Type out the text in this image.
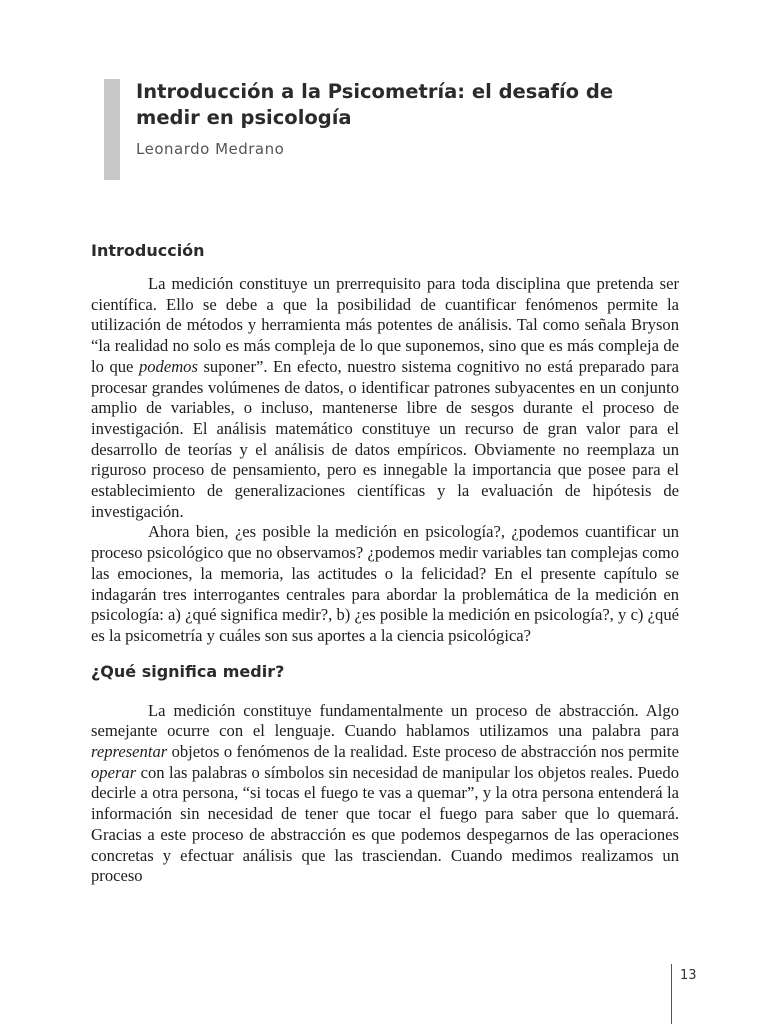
Introducción a la Psicometría: el desafío de
medir en psicología
Leonardo Medrano
Introducción

La medición constituye un prerrequisito para toda disciplina que pretenda ser científica. Ello se debe a que la posibilidad de cuantificar fenómenos permite la utilización de métodos y herramienta más potentes de análisis. Tal como señala Bryson “la realidad no solo es más compleja de lo que suponemos, sino que es más compleja de lo que podemos suponer”. En efecto, nuestro sistema cognitivo no está preparado para procesar grandes volúmenes de datos, o identificar patrones subyacentes en un conjunto amplio de variables, o incluso, mantenerse libre de sesgos durante el proceso de investigación. El análisis matemático constituye un recurso de gran valor para el desarrollo de teorías y el análisis de datos empíricos. Obviamente no reemplaza un riguroso proceso de pensamiento, pero es innegable la importancia que posee para el establecimiento de generalizaciones científicas y la evaluación de hipótesis de investigación.

Ahora bien, ¿es posible la medición en psicología?, ¿podemos cuantificar un proceso psicológico que no observamos? ¿podemos medir variables tan complejas como las emociones, la memoria, las actitudes o la felicidad? En el presente capítulo se indagarán tres interrogantes centrales para abordar la problemática de la medición en psicología: a) ¿qué significa medir?, b) ¿es posible la medición en psicología?, y c) ¿qué es la psicometría y cuáles son sus aportes a la ciencia psicológica?

¿Qué significa medir?

La medición constituye fundamentalmente un proceso de abstracción. Algo semejante ocurre con el lenguaje. Cuando hablamos utilizamos una palabra para representar objetos o fenómenos de la realidad. Este proceso de abstracción nos permite operar con las palabras o símbolos sin necesidad de manipular los objetos reales. Puedo decirle a otra persona, “si tocas el fuego te vas a quemar”, y la otra persona entenderá la información sin necesidad de tener que tocar el fuego para saber que lo quemará. Gracias a este proceso de abstracción es que podemos despegarnos de las operaciones concretas y efectuar análisis que las trasciendan. Cuando medimos realizamos un proceso

13
